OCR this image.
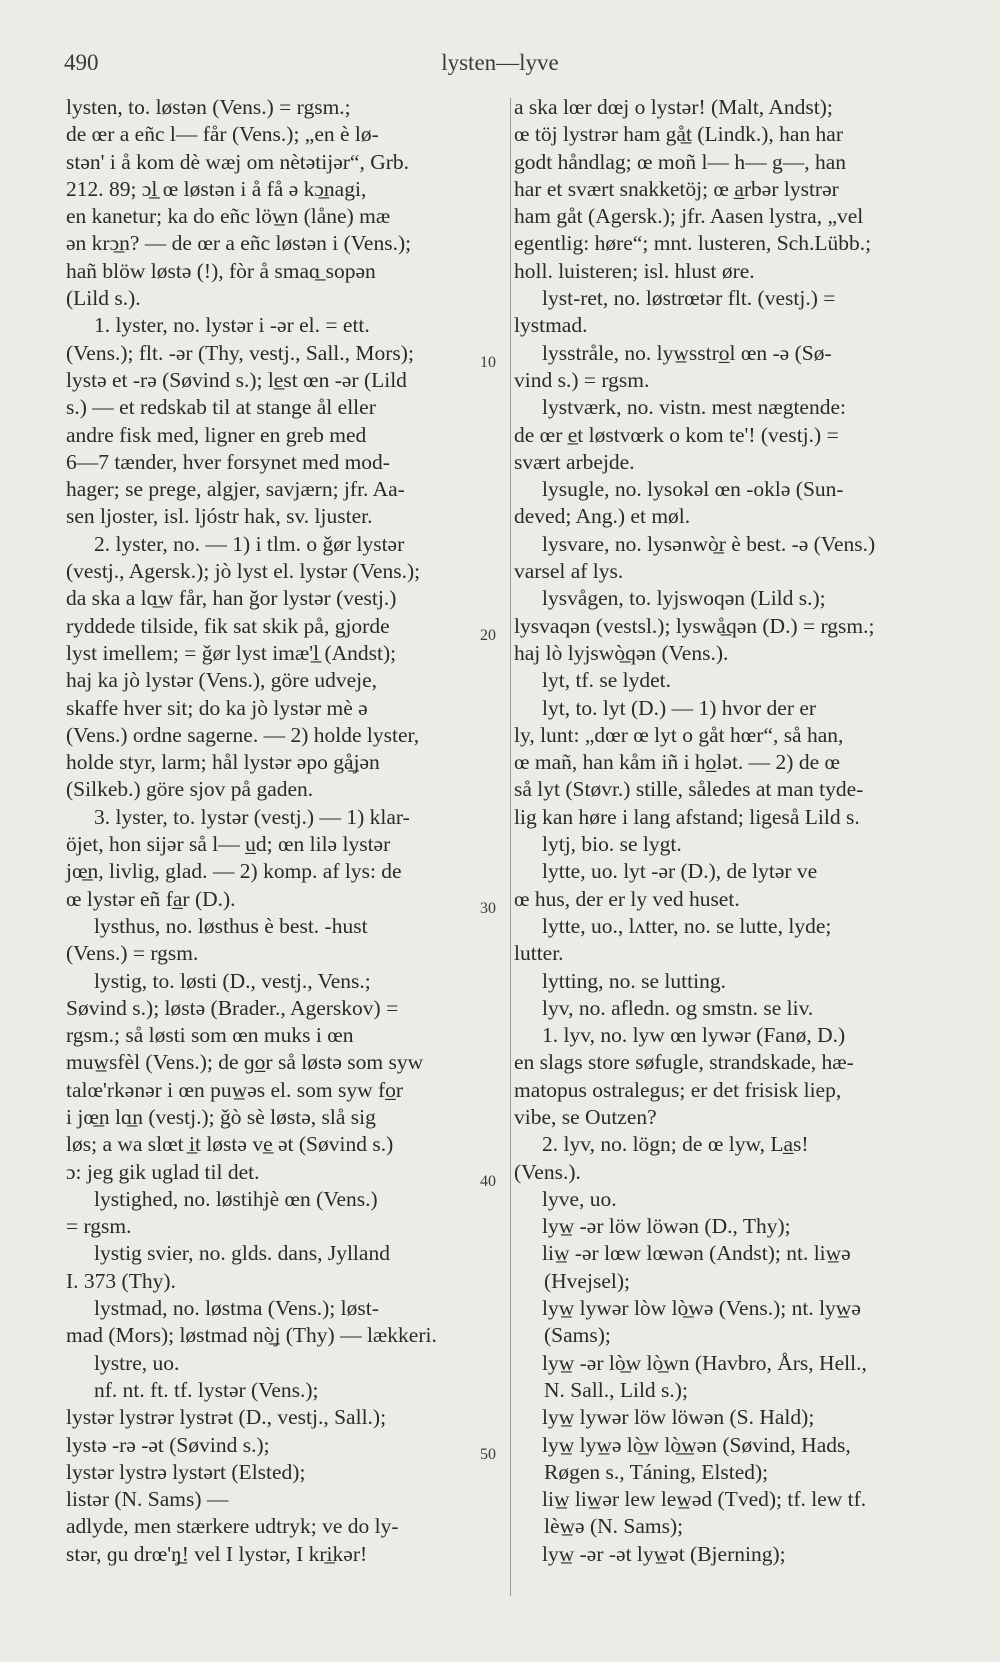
490	lysten—lyve
10
20
30
40
50
lysten, to. løstən (Vens.) = rgsm.;
de œr a eñc l— får (Vens.); „en è lø-
stən' i å kom dè wæj om nètətijər“, Grb.
212. 89; ɔl̲ œ løstən i å få ə kɔ̲nagi,
en kanetur; ka do eñc löw̲n (låne) mæ
ən krɔ̲n? — de œr a eñc løstən i (Vens.);
hañ blöw løstə (!), fòr å smaɑ̲ sopən
(Lild s.).
1. lyster, no. lystər i -ər el. = ett.
(Vens.); flt. -ər (Thy, vestj., Sall., Mors);
lystə et -rə (Søvind s.); le̲st œn -ər (Lild
s.) — et redskab til at stange ål eller
andre fisk med, ligner en greb med
6—7 tænder, hver forsynet med mod-
hager; se prege, algjer, savjærn; jfr. Aa-
sen ljoster, isl. ljóstr hak, sv. ljuster.
2. lyster, no. — 1) i tlm. o ǧør lystər
(vestj., Agersk.); jò lyst el. lystər (Vens.);
da ska a lɑ̲w får, han ǧor lystər (vestj.)
ryddede tilside, fik sat skik på, gjorde
lyst imellem; = ǧør lyst imæ'l̲ (Andst);
haj ka jò lystər (Vens.), göre udveje,
skaffe hver sit; do ka jò lystər mè ə
(Vens.) ordne sagerne. — 2) holde lyster,
holde styr, larm; hål lystər əpo gå̲jən
(Silkeb.) göre sjov på gaden.
3. lyster, to. lystər (vestj.) — 1) klar-
öjet, hon sijər så l— u̲d; œn lilə lystər
jœ̲n, livlig, glad. — 2) komp. af lys: de
œ lystər eñ fa̲r (D.).
lysthus, no. løsthus è best. -hust
(Vens.) = rgsm.
lystig, to. løsti (D., vestj., Vens.;
Søvind s.); løstə (Brader., Agerskov) =
rgsm.; så løsti som œn muks i œn
muw̲sfèl (Vens.); de ɡo̲r så løstə som syw
talœ'rkənər i œn puw̲əs el. som syw fo̲r
i jœ̲n lɑ̲n (vestj.); ǧò sè løstə, slå sig
løs; a wa slœt i̲t løstə ve̲ ət (Søvind s.)
ɔ: jeg gik uglad til det.
lystighed, no. løstihjè œn (Vens.)
= rgsm.
lystig svier, no. glds. dans, Jylland
I. 373 (Thy).
lystmad, no. løstma (Vens.); løst-
mad (Mors); løstmad nò̲j (Thy) — lækkeri.
lystre, uo.
nf. nt. ft. tf. lystər (Vens.);
lystər lystrər lystrət (D., vestj., Sall.);
lystə -rə -ət (Søvind s.);
lystər lystrə lystərt (Elsted);
listər (N. Sams) —
adlyde, men stærkere udtryk; ve do ly-
stər, ɡu drœ'ŋ̲! vel I lystər, I kri̲kər!
a ska lœr dœj o lystər! (Malt, Andst);
œ töj lystrər ham gå̲t (Lindk.), han har
godt håndlag; œ moñ l— h— g—, han
har et svært snakketöj; œ a̲rbər lystrər
ham gåt (Agersk.); jfr. Aasen lystra, „vel
egentlig: høre“; mnt. lusteren, Sch.Lübb.;
holl. luisteren; isl. hlust øre.
lyst-ret, no. løstrœtər flt. (vestj.) =
lystmad.
lysstråle, no. lyw̲sstro̲l œn -ə (Sø-
vind s.) = rgsm.
lystværk, no. vistn. mest nægtende:
de œr e̲t løstvœrk o kom te'! (vestj.) =
svært arbejde.
lysugle, no. lysokəl œn -oklə (Sun-
deved; Ang.) et møl.
lysvare, no. lysənwò̲r è best. -ə (Vens.)
varsel af lys.
lysvågen, to. lyjswoqən (Lild s.);
lysvaqən (vestsl.); lyswå̲qən (D.) = rgsm.;
haj lò lyjswò̲qən (Vens.).
lyt, tf. se lydet.
lyt, to. lyt (D.) — 1) hvor der er
ly, lunt: „dœr œ lyt o gåt hœr“, så han,
œ mañ, han kåm iñ i ho̲lət. — 2) de œ
så lyt (Støvr.) stille, således at man tyde-
lig kan høre i lang afstand; ligeså Lild s.
lytj, bio. se lygt.
lytte, uo. lyt -ər (D.), de lytər ve
œ hus, der er ly ved huset.
lytte, uo., lʌtter, no. se lutte, lyde;
lutter.
lytting, no. se lutting.
lyv, no. afledn. og smstn. se liv.
1. lyv, no. lyw œn lywər (Fanø, D.)
en slags store søfugle, strandskade, hæ-
matopus ostralegus; er det frisisk liep,
vibe, se Outzen?
2. lyv, no. lögn; de œ lyw, La̲s!
(Vens.).
lyve, uo.
lyw̲ -ər löw löwən (D., Thy);
liw̲ -ər lœw lœwən (Andst); nt. liw̲ə
(Hvejsel);
lyw̲ lywər lòw lò̲wə (Vens.); nt. lyw̲ə
(Sams);
lyw̲ -ər lò̲w lò̲wn (Havbro, Års, Hell.,
N. Sall., Lild s.);
lyw̲ lywər löw löwən (S. Hald);
lyw̲ lyw̲ə lò̲w lò̲w̲ən (Søvind, Hads,
Røgen s., Táning, Elsted);
liw̲ liw̲ər lew lew̲əd (Tved); tf. lew tf.
lèw̲ə (N. Sams);
lyw̲ -ər -ət lyw̲ət (Bjerning);
